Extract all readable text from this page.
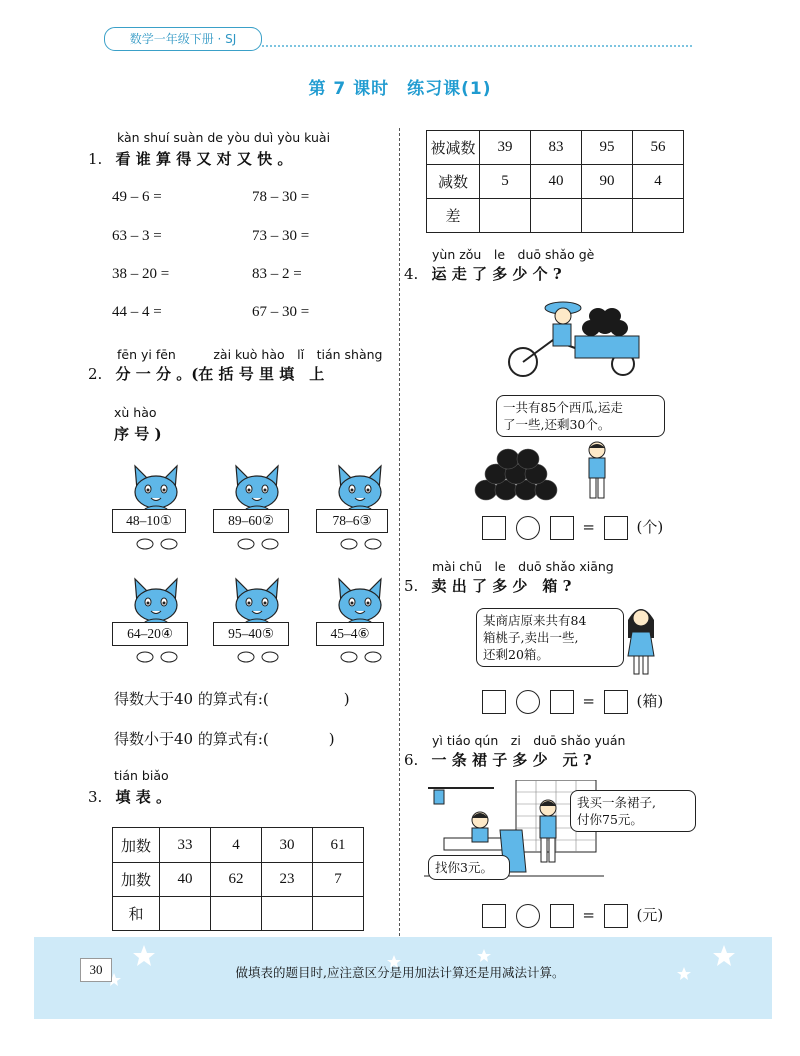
数学一年级下册 · SJ
第 7 课时　练习课(1)
kàn shuí suàn de yòu duì yòu kuài
1. 看 谁 算 得 又 对 又 快 。
49 – 6 =
63 – 3 =
38 – 20 =
44 – 4 =
78 – 30 =
73 – 30 =
83 – 2 =
67 – 30 =
fēn yi fēn　　　zài kuò hào　lǐ　tián shàng
2. 分 一 分 。(在 括 号 里 填　上
xù hào
序 号 )
48–10①	89–60②	78–6③
64–20④	95–40⑤	45–4⑥
得数大于40 的算式有:(　　　　　)
得数小于40 的算式有:(　　　　)
tián biǎo
3. 填 表 。
加数	33	4	30	61
加数	40	62	23	7
和				
被减数	39	83	95	56
减数	5	40	90	4
差				
yùn zǒu　le　duō shǎo gè
4. 运 走 了 多 少 个 ?
一共有85个西瓜,运走
了一些,还剩30个。
=	(个)
mài chū　le　duō shǎo xiāng
5. 卖 出 了 多 少　箱 ?
某商店原来共有84
箱桃子,卖出一些,
还剩20箱。
=	(箱)
yì tiáo qún　zi　duō shǎo yuán
6. 一 条 裙 子 多 少　元 ?
我买一条裙子,
付你75元。
找你3元。
=	(元)
30	做填表的题目时,应注意区分是用加法计算还是用减法计算。
